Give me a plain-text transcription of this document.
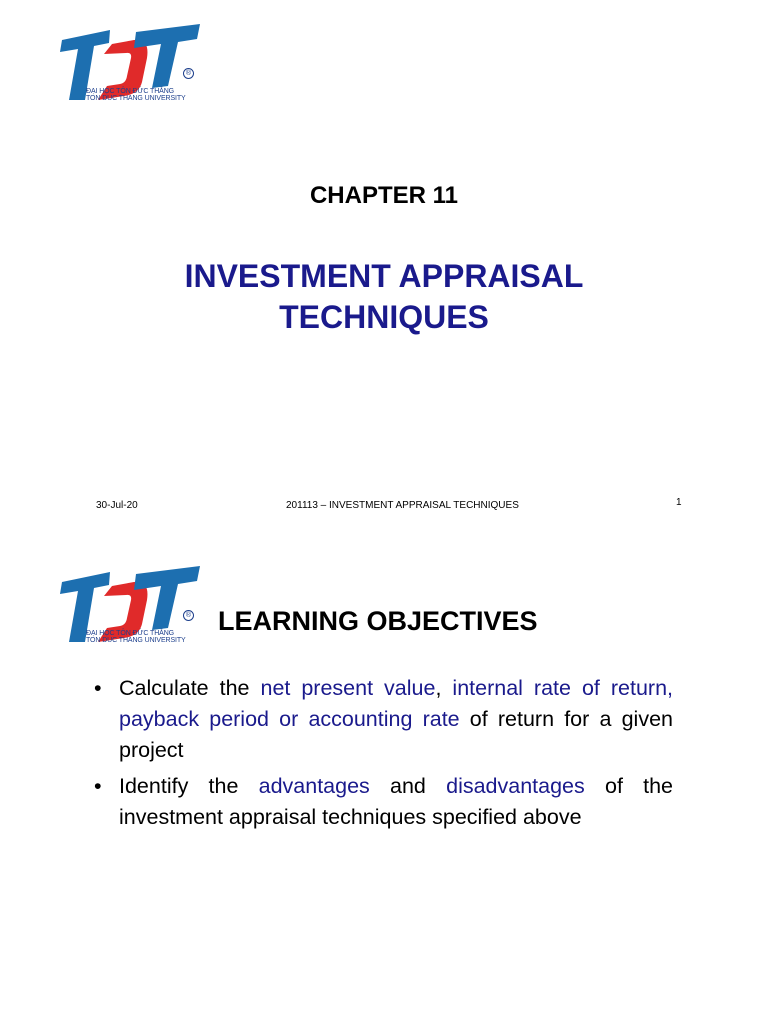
®
ĐẠI HỌC TÔN ĐỨC THẮNG
TON DUC THANG UNIVERSITY
CHAPTER 11
INVESTMENT APPRAISAL
TECHNIQUES
30-Jul-20	201113 – INVESTMENT APPRAISAL TECHNIQUES	1
®
ĐẠI HỌC TÔN ĐỨC THẮNG
TON DUC THANG UNIVERSITY
LEARNING OBJECTIVES
• Calculate the net present value, internal rate of return, payback period or accounting rate of return for a given project
• Identify the advantages and disadvantages of the investment appraisal techniques specified above
